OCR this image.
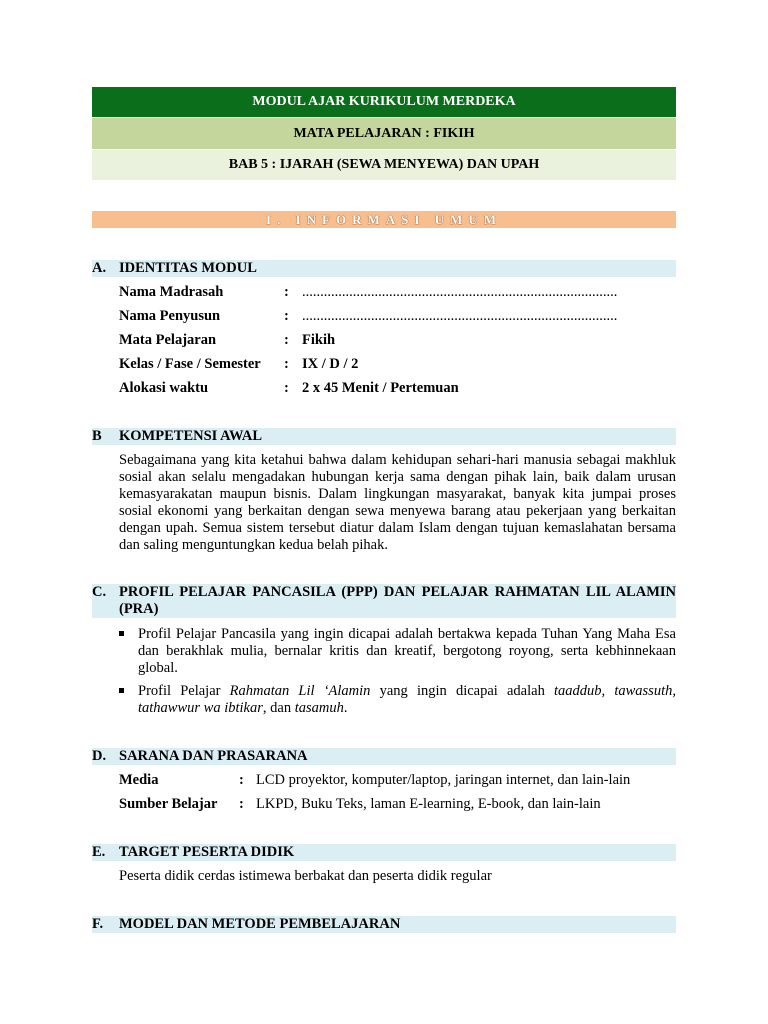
MODUL AJAR KURIKULUM MERDEKA
MATA PELAJARAN : FIKIH
BAB 5 : IJARAH (SEWA MENYEWA) DAN UPAH
I. INFORMASI UMUM
A. IDENTITAS MODUL
Nama Madrasah	: .......................................................................................
Nama Penyusun	: .......................................................................................
Mata Pelajaran	: Fikih
Kelas / Fase / Semester : IX / D / 2
Alokasi waktu	: 2 x 45 Menit / Pertemuan
B KOMPETENSI AWAL
Sebagaimana yang kita ketahui bahwa dalam kehidupan sehari-hari manusia sebagai makhluk sosial akan selalu mengadakan hubungan kerja sama dengan pihak lain, baik dalam urusan kemasyarakatan maupun bisnis. Dalam lingkungan masyarakat, banyak kita jumpai proses sosial ekonomi yang berkaitan dengan sewa menyewa barang atau pekerjaan yang berkaitan dengan upah. Semua sistem tersebut diatur dalam Islam dengan tujuan kemaslahatan bersama dan saling menguntungkan kedua belah pihak.
C. PROFIL PELAJAR PANCASILA (PPP) DAN PELAJAR RAHMATAN LIL ALAMIN (PRA)
Profil Pelajar Pancasila yang ingin dicapai adalah bertakwa kepada Tuhan Yang Maha Esa dan berakhlak mulia, bernalar kritis dan kreatif, bergotong royong, serta kebhinnekaan global.
Profil Pelajar Rahmatan Lil ‘Alamin yang ingin dicapai adalah taaddub, tawassuth, tathawwur wa ibtikar, dan tasamuh.
D. SARANA DAN PRASARANA
Media	: LCD proyektor, komputer/laptop, jaringan internet, dan lain-lain
Sumber Belajar : LKPD, Buku Teks, laman E-learning, E-book, dan lain-lain
E. TARGET PESERTA DIDIK
Peserta didik cerdas istimewa berbakat dan peserta didik regular
F. MODEL DAN METODE PEMBELAJARAN
